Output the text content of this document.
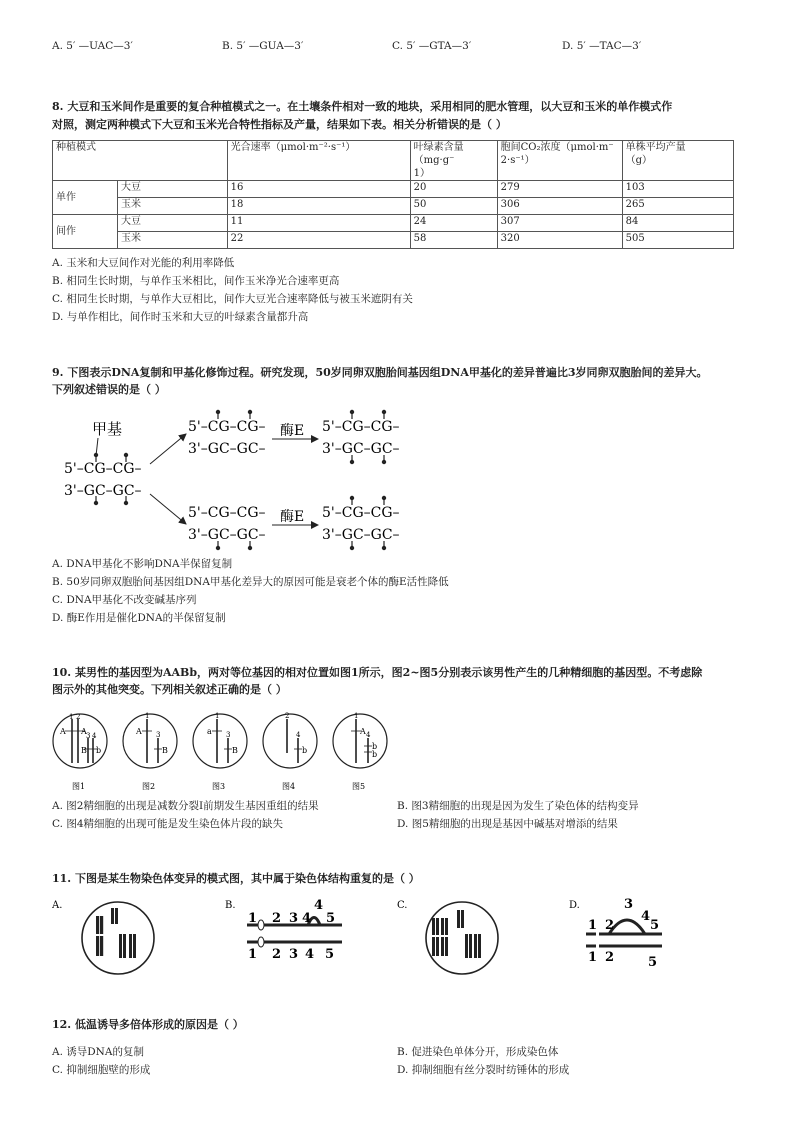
A. 5′ —UAC—3′	B. 5′ —GUA—3′	C. 5′ —GTA—3′	D. 5′ —TAC—3′
8. 大豆和玉米间作是重要的复合种植模式之一。在土壤条件相对一致的地块，采用相同的肥水管理，以大豆和玉米的单作模式作
对照，测定两种模式下大豆和玉米光合特性指标及产量，结果如下表。相关分析错误的是（ ）
种植模式		光合速率（μmol·m⁻²·s⁻¹）	叶绿素含量（mg·g⁻
1）	胞间CO₂浓度（μmol·m⁻
2·s⁻¹）	单株平均产量
（g）
单作	大豆	16	20	279	103
	玉米	18	50	306	265
间作	大豆	11	24	307	84
	玉米	22	58	320	505
A. 玉米和大豆间作对光能的利用率降低
B. 相同生长时期，与单作玉米相比，间作玉米净光合速率更高
C. 相同生长时期，与单作大豆相比，间作大豆光合速率降低与被玉米遮阴有关
D. 与单作相比，间作时玉米和大豆的叶绿素含量都升高
9. 下图表示DNA复制和甲基化修饰过程。研究发现，50岁同卵双胞胎间基因组DNA甲基化的差异普遍比3岁同卵双胞胎间的差异大。
下列叙述错误的是（ ）
甲基
5'–CG–CG–
3'–GC–GC–
5'–CG–CG–
3'–GC–GC–
酶E 5'–CG–CG–
3'–GC–GC–
5'–CG–CG–
3'–GC–GC–
酶E 5'–CG–CG–
3'–GC–GC–
A. DNA甲基化不影响DNA半保留复制
B. 50岁同卵双胞胎间基因组DNA甲基化差异大的原因可能是衰老个体的酶E活性降低
C. DNA甲基化不改变碱基序列
D. 酶E作用是催化DNA的半保留复制
10. 某男性的基因型为AABb，两对等位基因的相对位置如图1所示，图2~图5分别表示该男性产生的几种精细胞的基因型。不考虑除
图示外的其他突变。下列相关叙述正确的是（ ）
1 2
3 4
A A
B b
图1
1
3
A
B
图2
1
3
a
B
图3
2
4
b
图4
1
4
A
b
b
图5
A. 图2精细胞的出现是减数分裂Ⅰ前期发生基因重组的结果	B. 图3精细胞的出现是因为发生了染色体的结构变异
C. 图4精细胞的出现可能是发生染色体片段的缺失	D. 图5精细胞的出现是基因中碱基对增添的结果
11. 下图是某生物染色体变异的模式图，其中属于染色体结构重复的是（ ）
A.	B.
1 2 3 4
4
5
1 2 3 4 5
C.	D.
1 2
3
4
5
1 2	5
12. 低温诱导多倍体形成的原因是（ ）
A. 诱导DNA的复制	B. 促进染色单体分开，形成染色体
C. 抑制细胞壁的形成	D. 抑制细胞有丝分裂时纺锤体的形成
